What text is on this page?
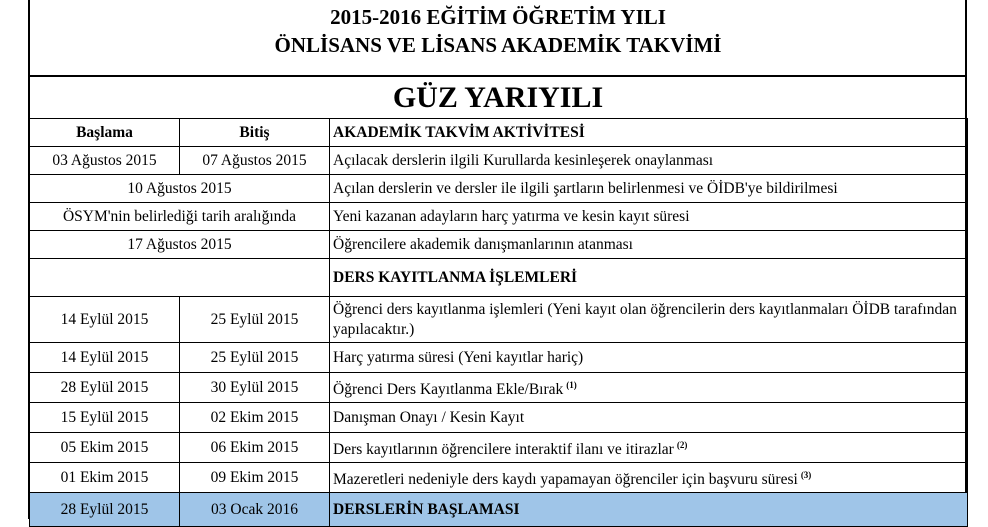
2015-2016 EĞİTİM ÖĞRETİM YILI
ÖNLİSANS VE LİSANS AKADEMİK TAKVİMİ
GÜZ YARIYILI
Başlama	Bitiş	AKADEMİK TAKVİM AKTİVİTESİ
03 Ağustos 2015	07 Ağustos 2015	Açılacak derslerin ilgili Kurullarda kesinleşerek onaylanması
10 Ağustos 2015		Açılan derslerin ve dersler ile ilgili şartların belirlenmesi ve ÖİDB'ye bildirilmesi
ÖSYM'nin belirlediği tarih aralığında		Yeni kazanan adayların harç yatırma ve kesin kayıt süresi
17 Ağustos 2015		Öğrencilere akademik danışmanlarının atanması
		DERS KAYITLANMA İŞLEMLERİ
14 Eylül 2015	25 Eylül 2015	Öğrenci ders kayıtlanma işlemleri (Yeni kayıt olan öğrencilerin ders kayıtlanmaları ÖİDB tarafından yapılacaktır.)
14 Eylül 2015	25 Eylül 2015	Harç yatırma süresi (Yeni kayıtlar hariç)
28 Eylül 2015	30 Eylül 2015	Öğrenci Ders Kayıtlanma Ekle/Bırak $^{(1)}$
15 Eylül 2015	02 Ekim 2015	Danışman Onayı / Kesin Kayıt
05 Ekim 2015	06 Ekim 2015	Ders kayıtlarının öğrencilere interaktif ilanı ve itirazlar $^{(2)}$
01 Ekim 2015	09 Ekim 2015	Mazeretleri nedeniyle ders kaydı yapamayan öğrenciler için başvuru süresi $^{(3)}$
28 Eylül 2015	03 Ocak 2016	DERSLERİN BAŞLAMASI
